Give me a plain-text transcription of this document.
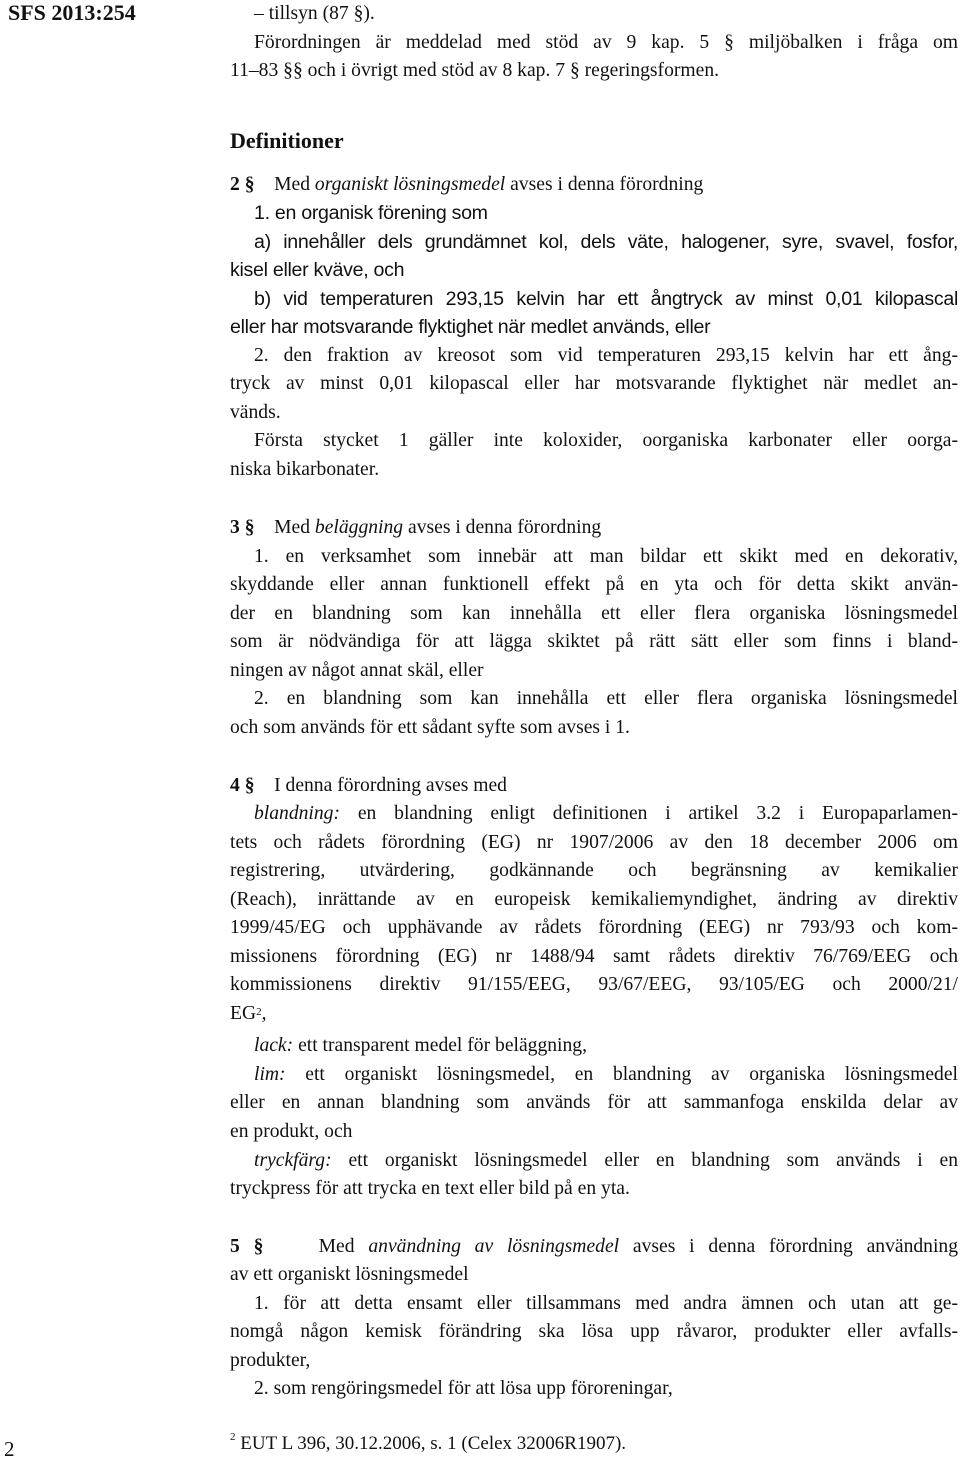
SFS 2013:254	– tillsyn (87 §).
Förordningen är meddelad med stöd av 9 kap. 5 § miljöbalken i fråga om
11–83 §§ och i övrigt med stöd av 8 kap. 7 § regeringsformen.
Definitioner
2 § Med organiskt lösningsmedel avses i denna förordning
1. en organisk förening som
a) innehåller dels grundämnet kol, dels väte, halogener, syre, svavel, fosfor,
kisel eller kväve, och
b) vid temperaturen 293,15 kelvin har ett ångtryck av minst 0,01 kilopascal
eller har motsvarande flyktighet när medlet används, eller
2. den fraktion av kreosot som vid temperaturen 293,15 kelvin har ett ång-
tryck av minst 0,01 kilopascal eller har motsvarande flyktighet när medlet an-
vänds.
Första stycket 1 gäller inte koloxider, oorganiska karbonater eller oorga-
niska bikarbonater.
3 § Med beläggning avses i denna förordning
1. en verksamhet som innebär att man bildar ett skikt med en dekorativ,
skyddande eller annan funktionell effekt på en yta och för detta skikt använ-
der en blandning som kan innehålla ett eller flera organiska lösningsmedel
som är nödvändiga för att lägga skiktet på rätt sätt eller som finns i bland-
ningen av något annat skäl, eller
2. en blandning som kan innehålla ett eller flera organiska lösningsmedel
och som används för ett sådant syfte som avses i 1.
4 § I denna förordning avses med
blandning: en blandning enligt definitionen i artikel 3.2 i Europaparlamen-
tets och rådets förordning (EG) nr 1907/2006 av den 18 december 2006 om
registrering, utvärdering, godkännande och begränsning av kemikalier
(Reach), inrättande av en europeisk kemikaliemyndighet, ändring av direktiv
1999/45/EG och upphävande av rådets förordning (EEG) nr 793/93 och kom-
missionens förordning (EG) nr 1488/94 samt rådets direktiv 76/769/EEG och
kommissionens direktiv 91/155/EEG, 93/67/EEG, 93/105/EG och 2000/21/
$EG^2$,
lack: ett transparent medel för beläggning,
lim: ett organiskt lösningsmedel, en blandning av organiska lösningsmedel
eller en annan blandning som används för att sammanfoga enskilda delar av
en produkt, och
tryckfärg: ett organiskt lösningsmedel eller en blandning som används i en
tryckpress för att trycka en text eller bild på en yta.
5 §	Med användning av lösningsmedel avses i denna förordning användning
av ett organiskt lösningsmedel
1. för att detta ensamt eller tillsammans med andra ämnen och utan att ge-
nomgå någon kemisk förändring ska lösa upp råvaror, produkter eller avfalls-
produkter,
2. som rengöringsmedel för att lösa upp föroreningar,
2	$^2$ EUT L 396, 30.12.2006, s. 1 (Celex 32006R1907).
